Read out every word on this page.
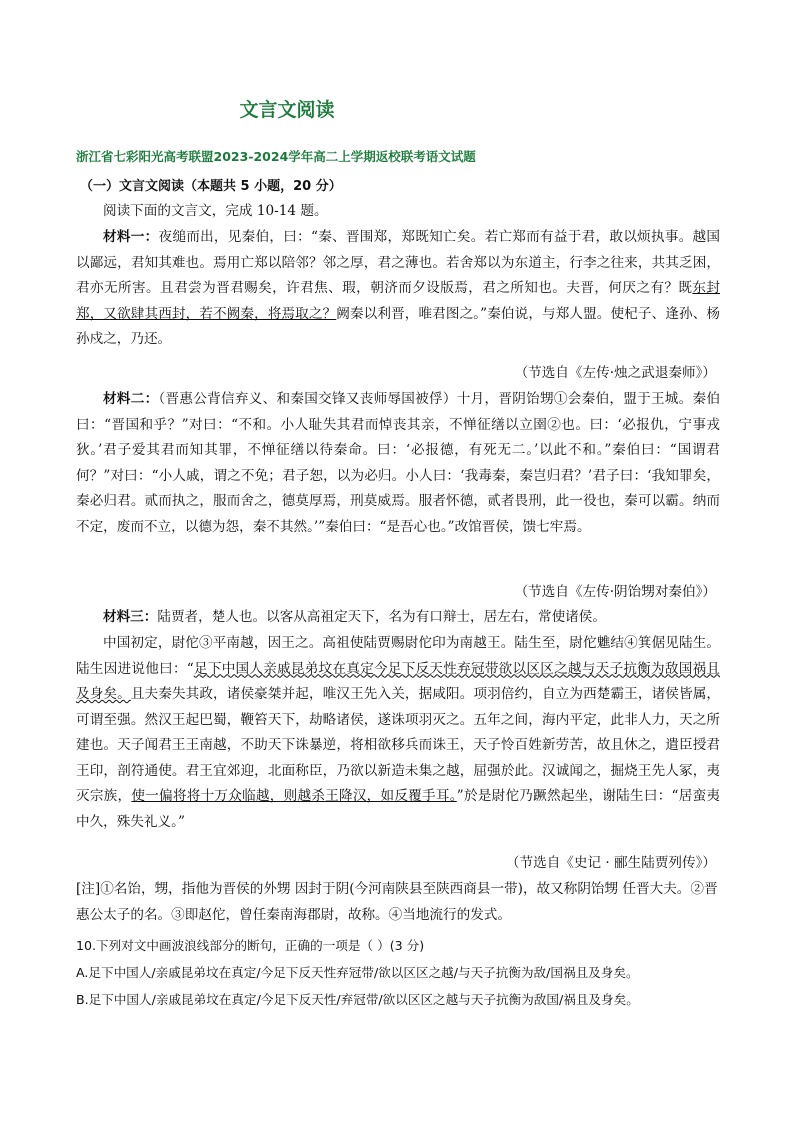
文言文阅读
浙江省七彩阳光高考联盟2023-2024学年高二上学期返校联考语文试题
（一）文言文阅读（本题共 5 小题，20 分）
阅读下面的文言文，完成 10-14 题。
材料一：夜缒而出，见秦伯，曰：“秦、晋围郑，郑既知亡矣。若亡郑而有益于君，敢以烦执事。越国以鄙远，君知其难也。焉用亡郑以陪邻？邻之厚，君之薄也。若舍郑以为东道主，行李之往来，共其乏困，君亦无所害。且君尝为晋君赐矣，许君焦、瑕，朝济而夕设版焉，君之所知也。夫晋，何厌之有？既东封郑，又欲肆其西封，若不阙秦，将焉取之？阙秦以利晋，唯君图之。”秦伯说，与郑人盟。使杞子、逢孙、杨孙戍之，乃还。
（节选自《左传·烛之武退秦师》）
材料二：（晋惠公背信弃义、和秦国交锋又丧师辱国被俘）十月，晋阴饴甥①会秦伯，盟于王城。秦伯曰：“晋国和乎？”对曰：“不和。小人耻失其君而悼丧其亲，不惮征缮以立圉②也。曰：‘必报仇，宁事戎狄。’君子爱其君而知其罪，不惮征缮以待秦命。曰：‘必报德，有死无二。’以此不和。”秦伯曰：“国谓君何？”对曰：“小人戚，谓之不免；君子恕，以为必归。小人曰：‘我毒秦，秦岂归君？’君子曰：‘我知罪矣，秦必归君。贰而执之，服而舍之，德莫厚焉，刑莫威焉。服者怀德，贰者畏刑，此一役也，秦可以霸。纳而不定，废而不立，以德为怨，秦不其然。’”秦伯曰：“是吾心也。”改馆晋侯，馈七牢焉。
（节选自《左传·阴饴甥对秦伯》）
材料三：陆贾者，楚人也。以客从高祖定天下，名为有口辩士，居左右，常使诸侯。
中国初定，尉佗③平南越，因王之。高祖使陆贾赐尉佗印为南越王。陆生至，尉佗魋结④箕倨见陆生。陆生因进说他曰：“足下中国人亲戚昆弟坟在真定今足下反天性弃冠带欲以区区之越与天子抗衡为敌国祸且及身矣。且夫秦失其政，诸侯豪桀并起，唯汉王先入关，据咸阳。项羽倍约，自立为西楚霸王，诸侯皆属，可谓至强。然汉王起巴蜀，鞭笞天下，劫略诸侯，遂诛项羽灭之。五年之间，海内平定，此非人力，天之所建也。天子闻君王王南越，不助天下诛暴逆，将相欲移兵而诛王，天子怜百姓新劳苦，故且休之，遣臣授君王印，剖符通使。君王宜郊迎，北面称臣，乃欲以新造未集之越，屈强於此。汉诚闻之，掘烧王先人冢，夷灭宗族，使一偏将将十万众临越，则越杀王降汉，如反覆手耳。”於是尉佗乃蹶然起坐，谢陆生曰：“居蛮夷中久，殊失礼义。”
（节选自《史记 · 郦生陆贾列传》）
[注]①名饴，甥，指他为晋侯的外甥 因封于阴(今河南陕县至陕西商县一带)，故又称阴饴甥 任晋大夫。②晋惠公太子的名。③即赵佗，曾任秦南海郡尉，故称。④当地流行的发式。
10.下列对文中画波浪线部分的断句，正确的一项是（ ）(3 分)
A.足下中国人/亲戚昆弟坟在真定/今足下反天性弃冠带/欲以区区之越/与天子抗衡为敌/国祸且及身矣。
B.足下中国人/亲戚昆弟坟在真定/今足下反天性/弃冠带/欲以区区之越与天子抗衡为敌国/祸且及身矣。
